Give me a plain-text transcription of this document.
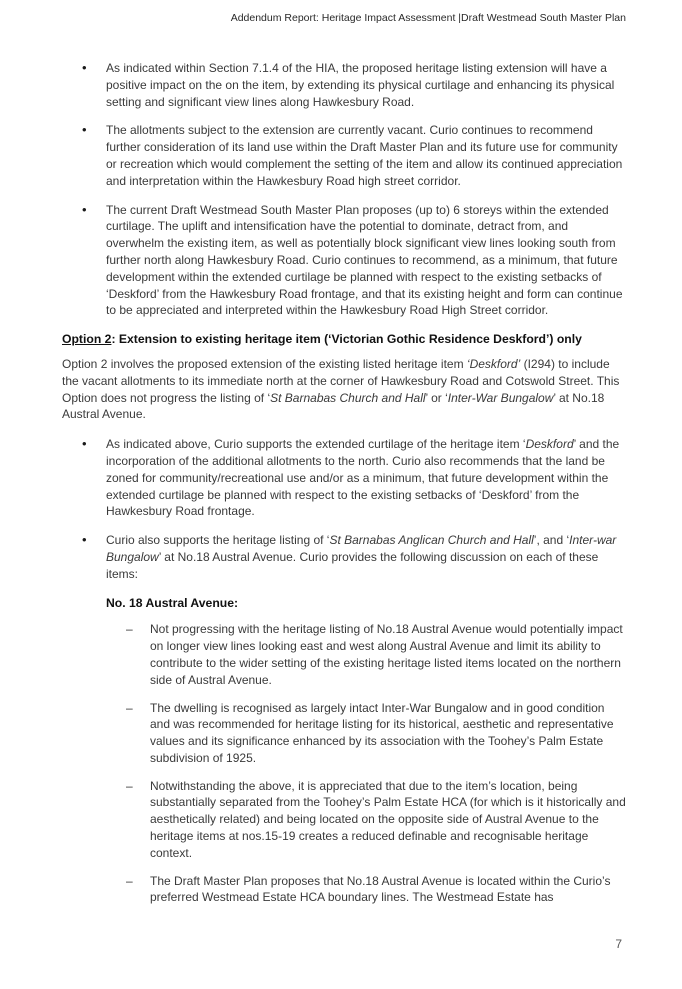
Addendum Report: Heritage Impact Assessment |Draft Westmead South Master Plan
• As indicated within Section 7.1.4 of the HIA, the proposed heritage listing extension will have a positive impact on the on the item, by extending its physical curtilage and enhancing its physical setting and significant view lines along Hawkesbury Road.
• The allotments subject to the extension are currently vacant. Curio continues to recommend further consideration of its land use within the Draft Master Plan and its future use for community or recreation which would complement the setting of the item and allow its continued appreciation and interpretation within the Hawkesbury Road high street corridor.
• The current Draft Westmead South Master Plan proposes (up to) 6 storeys within the extended curtilage. The uplift and intensification have the potential to dominate, detract from, and overwhelm the existing item, as well as potentially block significant view lines looking south from further north along Hawkesbury Road. Curio continues to recommend, as a minimum, that future development within the extended curtilage be planned with respect to the existing setbacks of ‘Deskford’ from the Hawkesbury Road frontage, and that its existing height and form can continue to be appreciated and interpreted within the Hawkesbury Road High Street corridor.
Option 2: Extension to existing heritage item (‘Victorian Gothic Residence Deskford’) only

Option 2 involves the proposed extension of the existing listed heritage item ‘Deskford’ (I294) to include the vacant allotments to its immediate north at the corner of Hawkesbury Road and Cotswold Street. This Option does not progress the listing of ‘St Barnabas Church and Hall’ or ‘Inter-War Bungalow’ at No.18 Austral Avenue.

• As indicated above, Curio supports the extended curtilage of the heritage item ‘Deskford’ and the incorporation of the additional allotments to the north. Curio also recommends that the land be zoned for community/recreational use and/or as a minimum, that future development within the extended curtilage be planned with respect to the existing setbacks of ‘Deskford’ from the Hawkesbury Road frontage.
• Curio also supports the heritage listing of ‘St Barnabas Anglican Church and Hall’, and ‘Inter-war Bungalow’ at No.18 Austral Avenue. Curio provides the following discussion on each of these items:
No. 18 Austral Avenue:
– Not progressing with the heritage listing of No.18 Austral Avenue would potentially impact on longer view lines looking east and west along Austral Avenue and limit its ability to contribute to the wider setting of the existing heritage listed items located on the northern side of Austral Avenue.
– The dwelling is recognised as largely intact Inter-War Bungalow and in good condition and was recommended for heritage listing for its historical, aesthetic and representative values and its significance enhanced by its association with the Toohey’s Palm Estate subdivision of 1925.
– Notwithstanding the above, it is appreciated that due to the item’s location, being substantially separated from the Toohey’s Palm Estate HCA (for which is it historically and aesthetically related) and being located on the opposite side of Austral Avenue to the heritage items at nos.15-19 creates a reduced definable and recognisable heritage context.
– The Draft Master Plan proposes that No.18 Austral Avenue is located within the Curio’s preferred Westmead Estate HCA boundary lines. The Westmead Estate has
7
